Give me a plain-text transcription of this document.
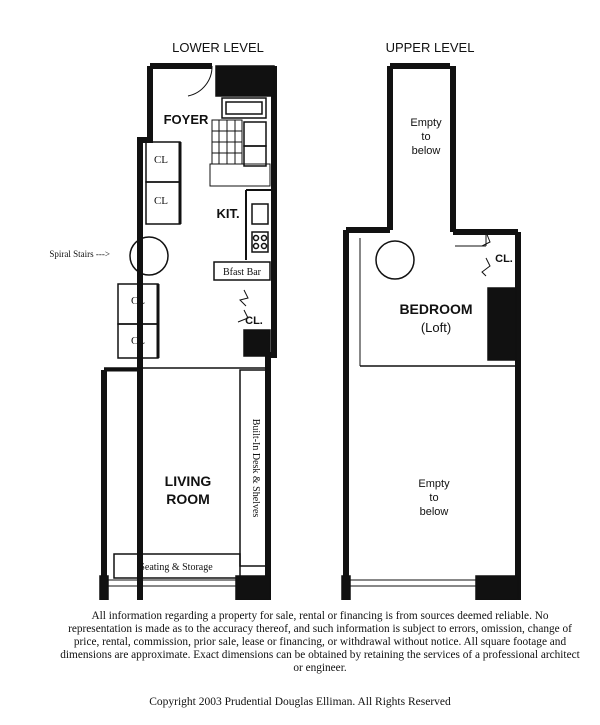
LOWER LEVEL
FOYER
CL
CL
KIT.
Spiral Stairs --->
Bfast Bar
CL
CL
CL.
LIVING
ROOM	Built-In Desk & Shelves
Seating & Storage
UPPER LEVEL
Empty
to
below
CL.
BEDROOM
(Loft)
Empty
to
below

All information regarding a property for sale, rental or financing is from sources deemed reliable. No representation is made as to the accuracy thereof, and such information is subject to errors, omission, change of price, rental, commission, prior sale, lease or financing, or withdrawal without notice. All square footage and dimensions are approximate. Exact dimensions can be obtained by retaining the services of a professional architect or engineer.

Copyright 2003 Prudential Douglas Elliman. All Rights Reserved
